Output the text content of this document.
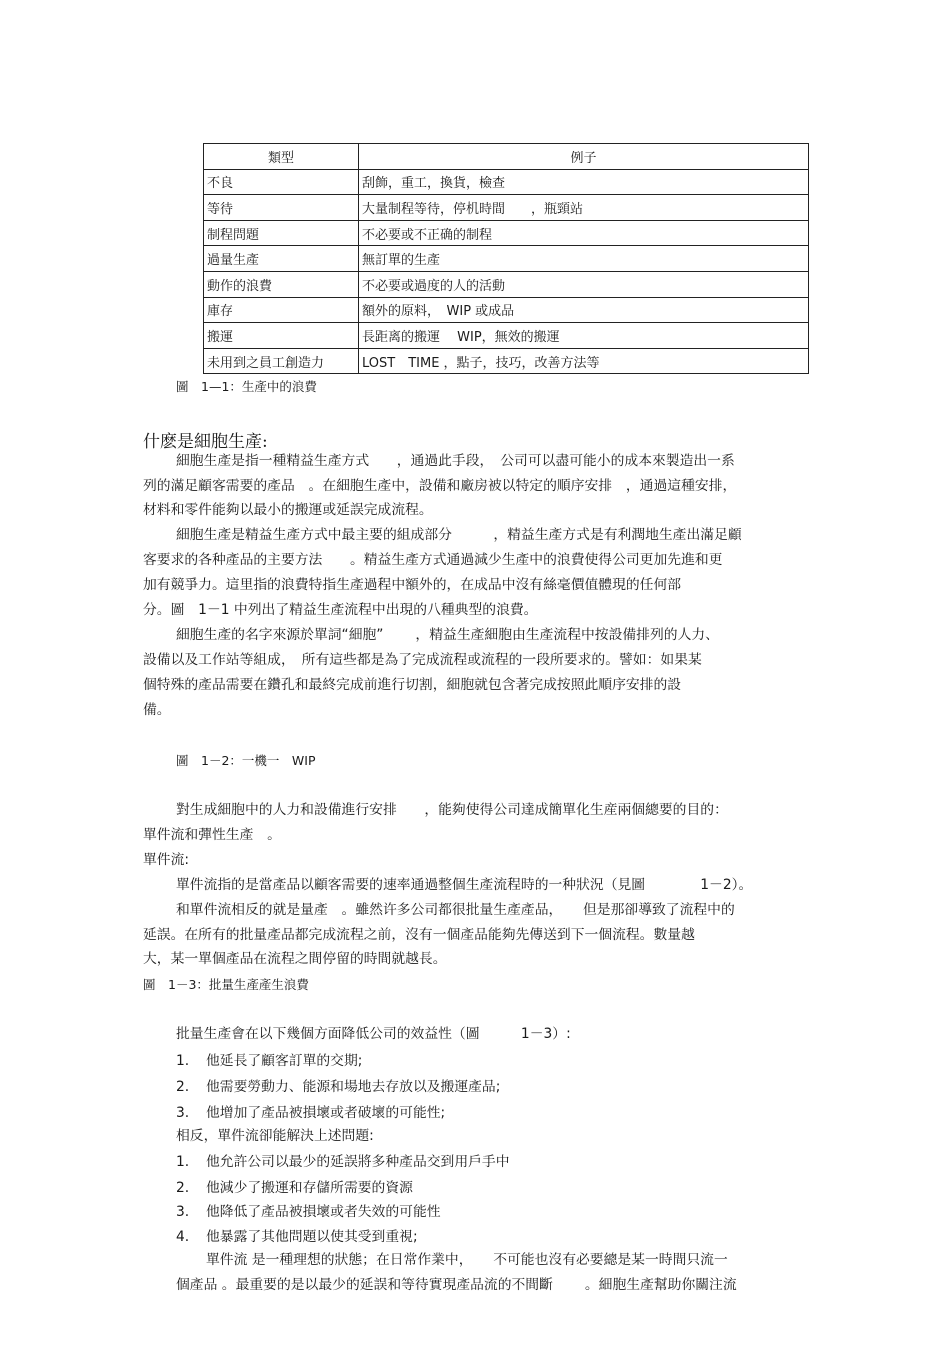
類型	例子
不良	刮飾，重工，換貨，檢查
等待	大量制程等待，停机時間　　，瓶頸站
制程問題	不必要或不正确的制程
過量生產	無訂單的生產
動作的浪費	不必要或過度的人的活動
庫存	額外的原料，　WIP 或成品
搬運	長距离的搬運　 WIP，無效的搬運
未用到之員工創造力	LOST　TIME ，點子，技巧，改善方法等
圖　1—1：生產中的浪費
什麽是細胞生產:
細胞生產是指一種精益生產方式　　，通過此手段，　公司可以盡可能小的成本來製造出一系
列的滿足顧客需要的產品　。在細胞生產中，設備和廠房被以特定的順序安排　，通過這種安排，
材料和零件能夠以最小的搬運或延誤完成流程。
細胞生產是精益生產方式中最主要的組成部分　　　，精益生產方式是有利潤地生產出滿足顧
客要求的各种產品的主要方法　　。精益生產方式通過減少生產中的浪費使得公司更加先進和更
加有競爭力。這里指的浪費特指生產過程中額外的，在成品中沒有絲毫價值體現的任何部
分。圖　1－1 中列出了精益生產流程中出現的八種典型的浪費。
細胞生產的名字來源於單詞“細胞”　　 ，精益生產細胞由生產流程中按設備排列的人力、
設備以及工作站等組成，　所有這些都是為了完成流程或流程的一段所要求的。譬如：如果某
個特殊的產品需要在鑽孔和最終完成前進行切割，細胞就包含著完成按照此順序安排的設
備。
圖　1－2：一機一　WIP
對生成細胞中的人力和設備進行安排　　，能夠使得公司達成簡單化生産兩個總要的目的：
單件流和彈性生產　。
單件流:
單件流指的是當產品以顧客需要的速率通過整個生產流程時的一种狀況（見圖　　　　1－2）。
和單件流相反的就是量產　。雖然许多公司都很批量生產產品，　　但是那卻導致了流程中的
延誤。在所有的批量產品都完成流程之前，沒有一個產品能夠先傳送到下一個流程。數量越
大，某一單個產品在流程之間停留的時間就越長。
圖　1－3：批量生產產生浪費
批量生產會在以下幾個方面降低公司的效益性（圖　　　1－3）:
1. 他延長了顧客訂單的交期;
2. 他需要勞動力、能源和場地去存放以及搬運產品;
3. 他增加了產品被損壞或者破壞的可能性;
相反，單件流卻能解決上述問題:
1. 他允許公司以最少的延誤將多种產品交到用戶手中
2. 他減少了搬運和存儲所需要的資源
3. 他降低了產品被損壞或者失效的可能性
4. 他暴露了其他問題以使其受到重視;
單件流 是一種理想的狀態；在日常作業中，　　不可能也沒有必要總是某一時間只流一
個產品 。最重要的是以最少的延誤和等待實現產品流的不間斷　　 。細胞生產幫助你關注流
